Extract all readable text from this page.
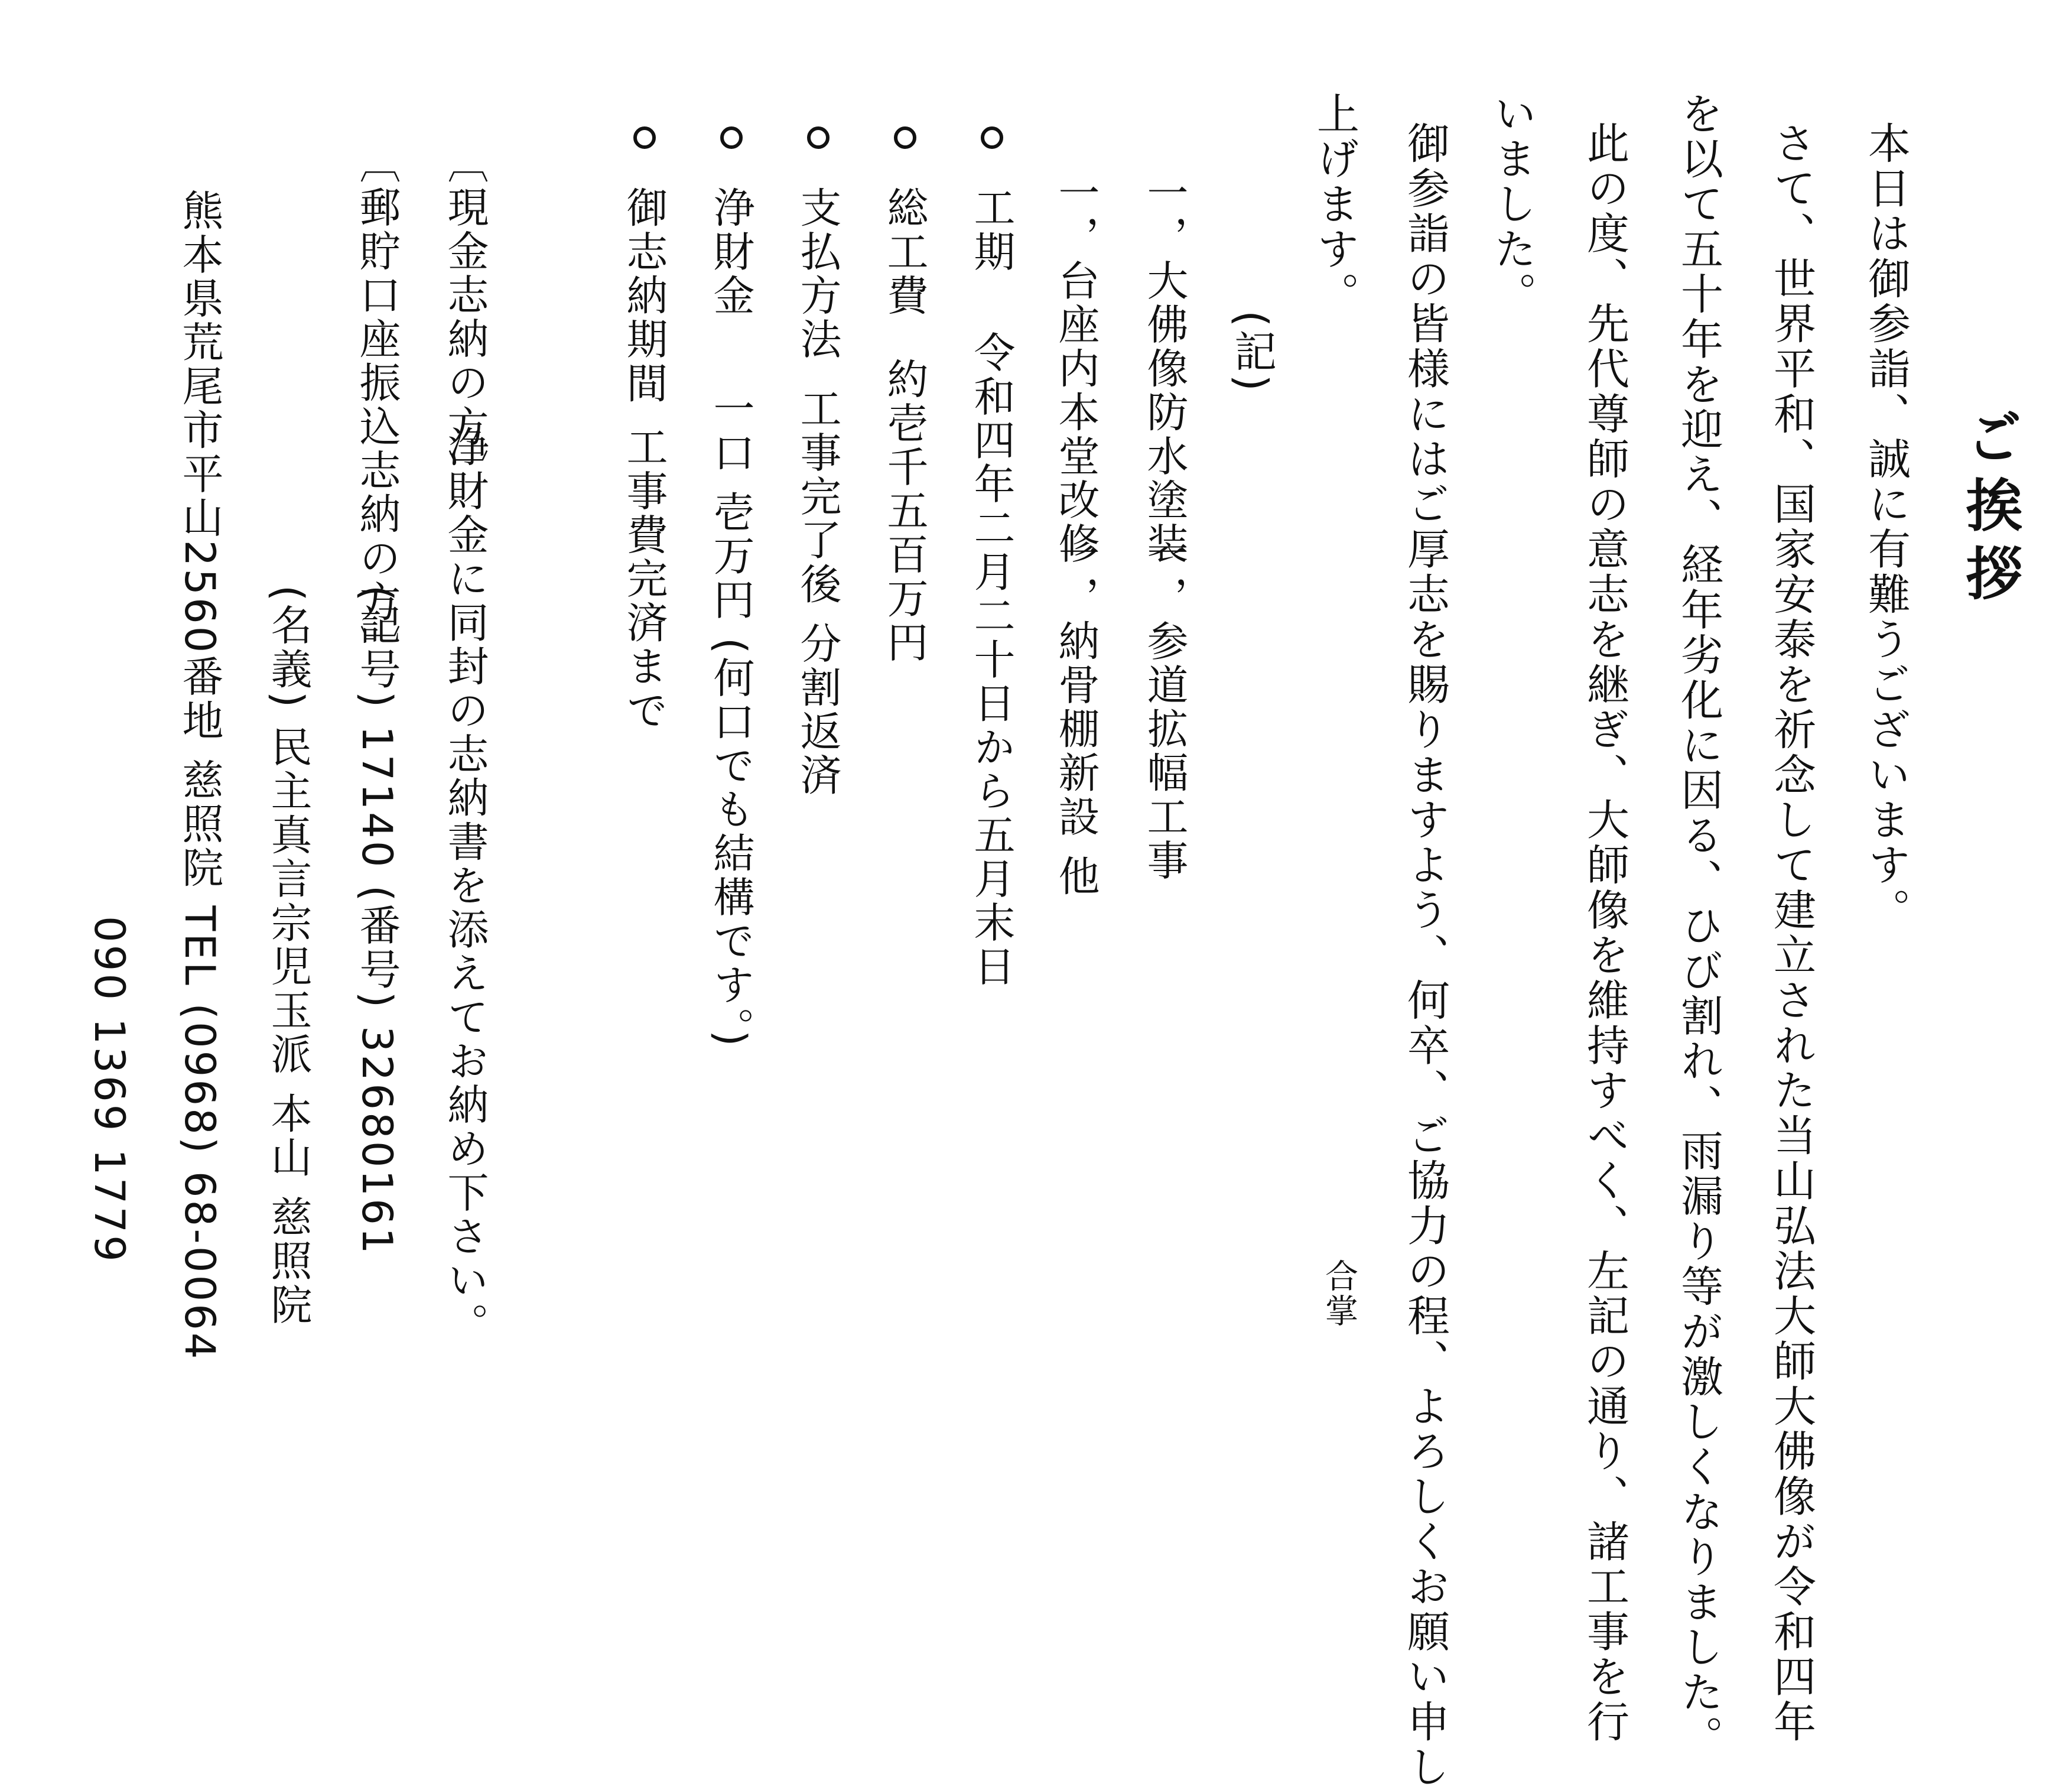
ご挨拶
本日は御参詣、誠に有難うございます。
さて、世界平和、国家安泰を祈念して建立された当山弘法大師大佛像が令和四年
を以て五十年を迎え、経年劣化に因る、ひび割れ、雨漏り等が激しくなりました。
此の度、先代尊師の意志を継ぎ、大師像を維持すべく、左記の通り、諸工事を行
いました。
御参詣の皆様にはご厚志を賜りますよう、何卒、ご協力の程、よろしくお願い申し
上げます。
合掌
(記)
一，大佛像防水塗装
一，参道拡幅工事
一，台座内本堂改修
一，納骨棚新設 他
工期
令和四年二月二十日から五月末日
総工費
約壱千五百万円
支払方法
工事完了後 分割返済
浄財金
一口 壱万円 (何口でも結構です。)
御志納期間
工事費完済まで
〔現金志納の方〕
浄財金に同封の志納書を添えてお納め下さい。
〔郵貯口座振込志納の方〕
(記号) 17140 (番号) 32680161
(名義) 民主真言宗児玉派 本山 慈照院
熊本県荒尾市平山2560番地 慈照院 TEL (0968) 68-0064
090 1369 1779
